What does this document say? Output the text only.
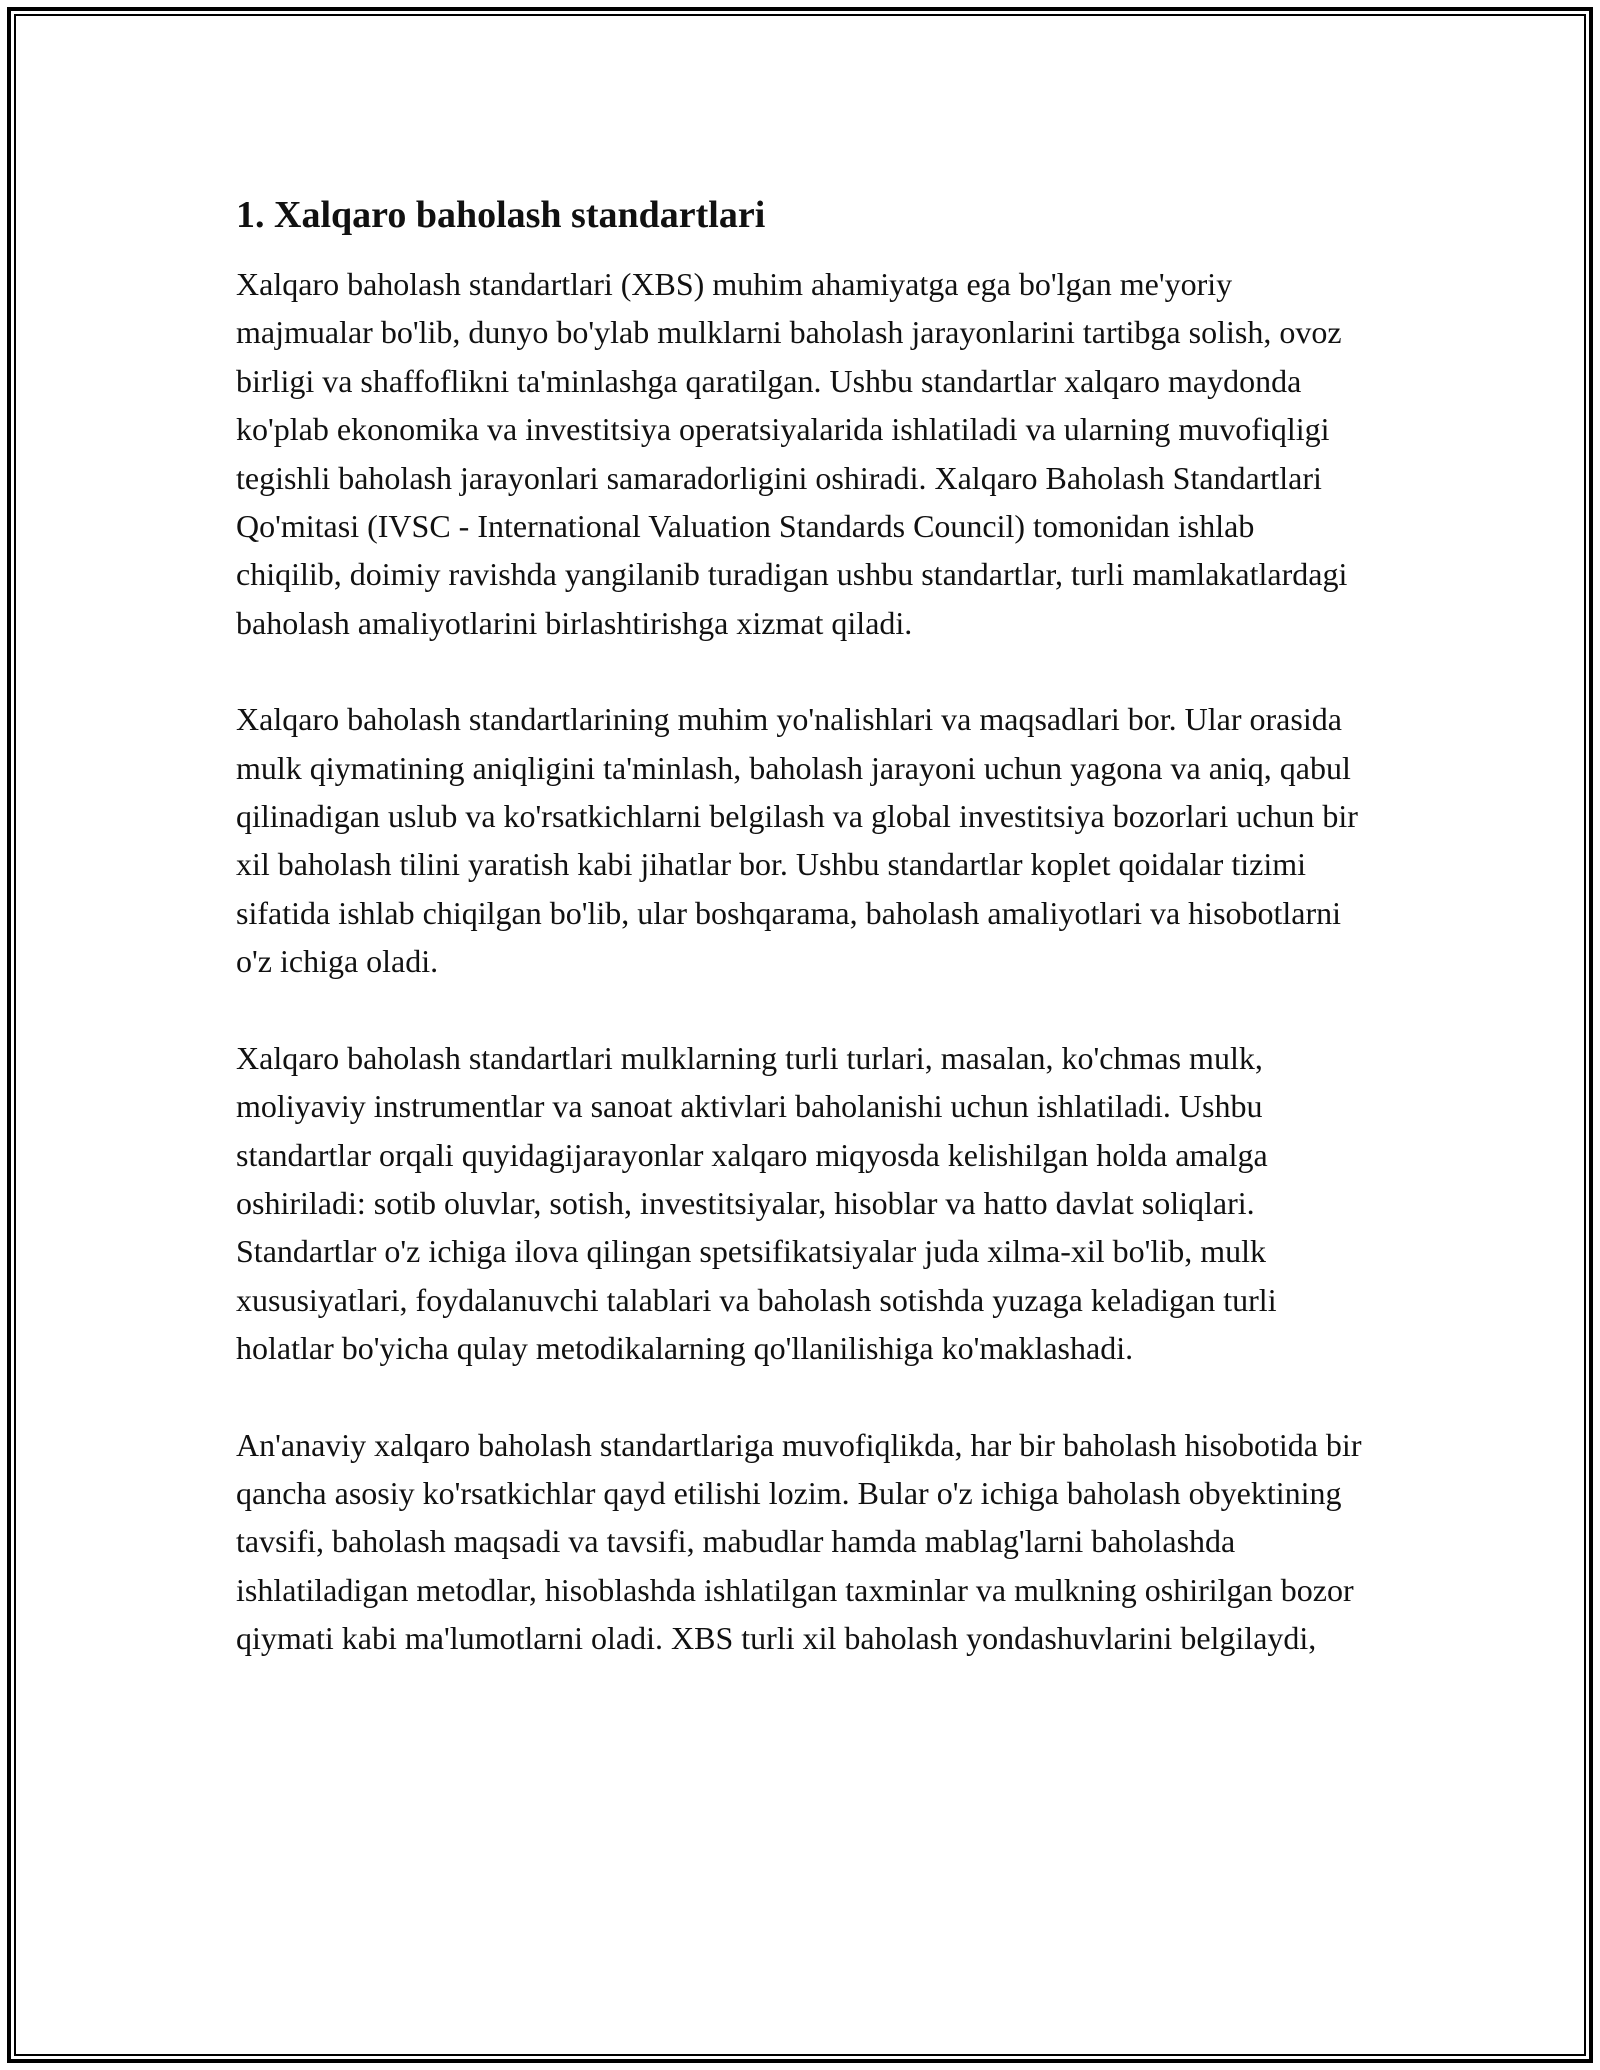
1. Xalqaro baholash standartlari

Xalqaro baholash standartlari (XBS) muhim ahamiyatga ega bo'lgan me'yoriy majmualar bo'lib, dunyo bo'ylab mulklarni baholash jarayonlarini tartibga solish, ovoz birligi va shaffoflikni ta'minlashga qaratilgan. Ushbu standartlar xalqaro maydonda ko'plab ekonomika va investitsiya operatsiyalarida ishlatiladi va ularning muvofiqligi tegishli baholash jarayonlari samaradorligini oshiradi. Xalqaro Baholash Standartlari Qo'mitasi (IVSC - International Valuation Standards Council) tomonidan ishlab chiqilib, doimiy ravishda yangilanib turadigan ushbu standartlar, turli mamlakatlardagi baholash amaliyotlarini birlashtirishga xizmat qiladi.

Xalqaro baholash standartlarining muhim yo'nalishlari va maqsadlari bor. Ular orasida mulk qiymatining aniqligini ta'minlash, baholash jarayoni uchun yagona va aniq, qabul qilinadigan uslub va ko'rsatkichlarni belgilash va global investitsiya bozorlari uchun bir xil baholash tilini yaratish kabi jihatlar bor. Ushbu standartlar koplet qoidalar tizimi sifatida ishlab chiqilgan bo'lib, ular boshqarama, baholash amaliyotlari va hisobotlarni o'z ichiga oladi.

Xalqaro baholash standartlari mulklarning turli turlari, masalan, ko'chmas mulk, moliyaviy instrumentlar va sanoat aktivlari baholanishi uchun ishlatiladi. Ushbu standartlar orqali quyidagijarayonlar xalqaro miqyosda kelishilgan holda amalga oshiriladi: sotib oluvlar, sotish, investitsiyalar, hisoblar va hatto davlat soliqlari. Standartlar o'z ichiga ilova qilingan spetsifikatsiyalar juda xilma-xil bo'lib, mulk xususiyatlari, foydalanuvchi talablari va baholash sotishda yuzaga keladigan turli holatlar bo'yicha qulay metodikalarning qo'llanilishiga ko'maklashadi.

An'anaviy xalqaro baholash standartlariga muvofiqlikda, har bir baholash hisobotida bir qancha asosiy ko'rsatkichlar qayd etilishi lozim. Bular o'z ichiga baholash obyektining tavsifi, baholash maqsadi va tavsifi, mabudlar hamda mablag'larni baholashda ishlatiladigan metodlar, hisoblashda ishlatilgan taxminlar va mulkning oshirilgan bozor qiymati kabi ma'lumotlarni oladi. XBS turli xil baholash yondashuvlarini belgilaydi,
